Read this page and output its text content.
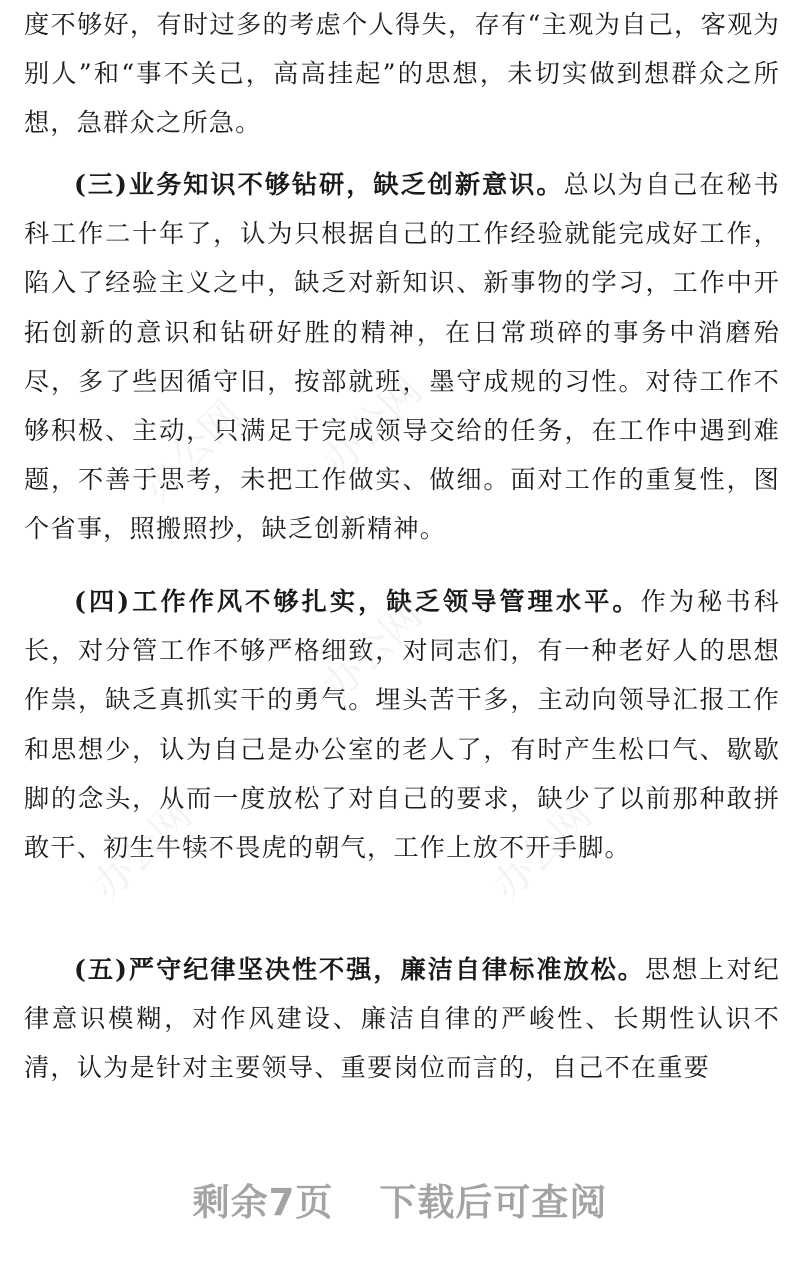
度不够好，有时过多的考虑个人得失，存有“主观为自己，客观为别人”和“事不关己，高高挂起”的思想，未切实做到想群众之所想，急群众之所急。

(三)业务知识不够钻研，缺乏创新意识。总以为自己在秘书科工作二十年了，认为只根据自己的工作经验就能完成好工作，陷入了经验主义之中，缺乏对新知识、新事物的学习，工作中开拓创新的意识和钻研好胜的精神，在日常琐碎的事务中消磨殆尽，多了些因循守旧，按部就班，墨守成规的习性。对待工作不够积极、主动，只满足于完成领导交给的任务，在工作中遇到难题，不善于思考，未把工作做实、做细。面对工作的重复性，图个省事，照搬照抄，缺乏创新精神。

(四)工作作风不够扎实，缺乏领导管理水平。作为秘书科长，对分管工作不够严格细致，对同志们，有一种老好人的思想作祟，缺乏真抓实干的勇气。埋头苦干多，主动向领导汇报工作和思想少，认为自己是办公室的老人了，有时产生松口气、歇歇脚的念头，从而一度放松了对自己的要求，缺少了以前那种敢拼敢干、初生牛犊不畏虎的朝气，工作上放不开手脚。

(五)严守纪律坚决性不强，廉洁自律标准放松。思想上对纪律意识模糊，对作风建设、廉洁自律的严峻性、长期性认识不清，认为是针对主要领导、重要岗位而言的，自己不在重要

办公网 办公网
办公网
办公网
办公网
剩余7页 下载后可查阅
